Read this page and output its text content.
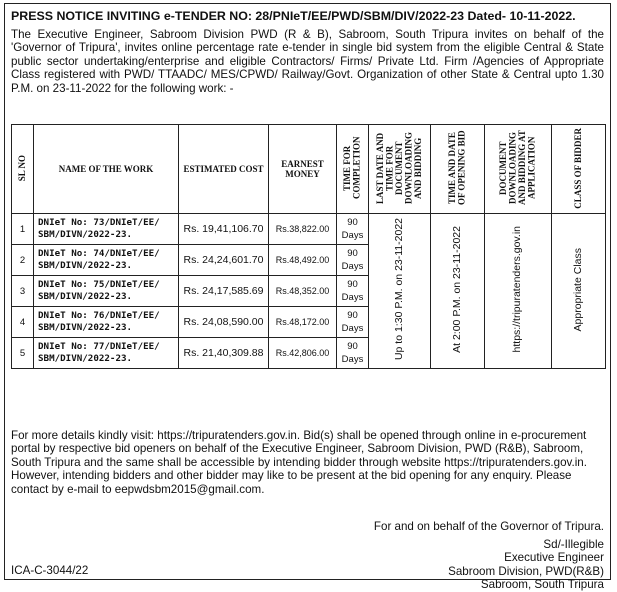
PRESS NOTICE INVITING e-TENDER NO: 28/PNIeT/EE/PWD/SBM/DIV/2022-23 Dated- 10-11-2022.
The Executive Engineer, Sabroom Division PWD (R & B), Sabroom, South Tripura invites on behalf of the 'Governor of Tripura', invites online percentage rate e-tender in single bid system from the eligible Central & State public sector undertaking/enterprise and eligible Contractors/ Firms/ Private Ltd. Firm /Agencies of Appropriate Class registered with PWD/ TTAADC/ MES/CPWD/ Railway/Govt. Organization of other State & Central upto 1.30 P.M. on 23-11-2022 for the following work: -
SL NO	NAME OF THE WORK	ESTIMATED COST	EARNEST MONEY	TIME FOR COMPLETION	LAST DATE AND TIME FOR DOCUMENT DOWNLOADING AND BIDDING	TIME AND DATE OF OPENING BID	DOCUMENT DOWNLOADING AND BIDDING AT APPLICATION	CLASS OF BIDDER
1	DNIeT No: 73/DNIeT/EE/ SBM/DIVN/2022-23.	Rs. 19,41,106.70	Rs.38,822.00	90
Days	Up to 1:30 P.M. on 23-11-2022	At 2:00 P.M. on 23-11-2022	https://tripuratenders.gov.in	Appropriate Class
2	DNIeT No: 74/DNIeT/EE/ SBM/DIVN/2022-23.	Rs. 24,24,601.70	Rs.48,492.00	90
Days				

3	DNIeT No: 75/DNIeT/EE/ SBM/DIVN/2022-23.	Rs. 24,17,585.69	Rs.48,352.00	90
Days				

4	DNIeT No: 76/DNIeT/EE/ SBM/DIVN/2022-23.	Rs. 24,08,590.00	Rs.48,172.00	90
Days				

5	DNIeT No: 77/DNIeT/EE/ SBM/DIVN/2022-23.	Rs. 21,40,309.88	Rs.42,806.00	90
Days				
For more details kindly visit: https://tripuratenders.gov.in. Bid(s) shall be opened through online in e-procurement portal by respective bid openers on behalf of the Executive Engineer, Sabroom Division, PWD (R&B), Sabroom, South Tripura and the same shall be accessible by intending bidder through website https://tripuratenders.gov.in. However, intending bidders and other bidder may like to be present at the bid opening for any enquiry. Please contact by e-mail to eepwdsbm2015@gmail.com.
For and on behalf of the Governor of Tripura.
Sd/-Illegible
Executive Engineer
Sabroom Division, PWD(R&B)
Sabroom, South Tripura
ICA-C-3044/22
